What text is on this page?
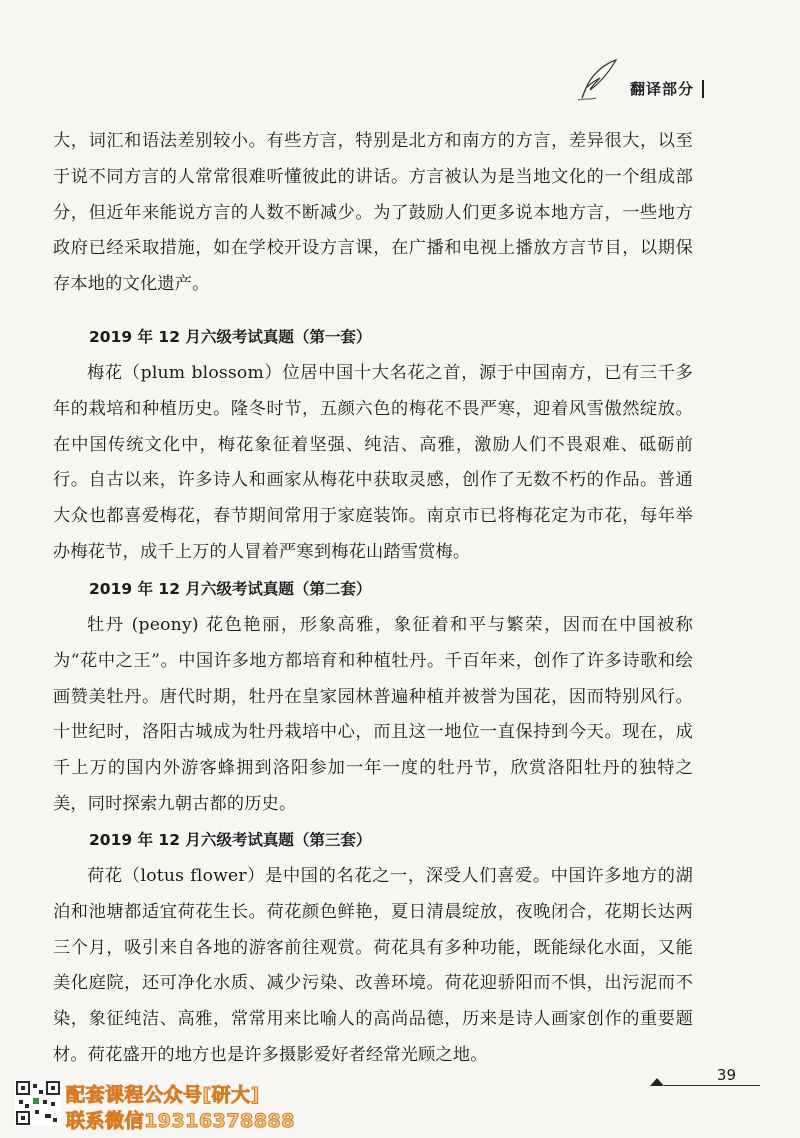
翻译部分

大，词汇和语法差别较小。有些方言，特别是北方和南方的方言，差异很大，以至于说不同方言的人常常很难听懂彼此的讲话。方言被认为是当地文化的一个组成部分，但近年来能说方言的人数不断减少。为了鼓励人们更多说本地方言，一些地方政府已经采取措施，如在学校开设方言课，在广播和电视上播放方言节目，以期保存本地的文化遗产。

2019 年 12 月六级考试真题（第一套）

梅花（plum blossom）位居中国十大名花之首，源于中国南方，已有三千多年的栽培和种植历史。隆冬时节，五颜六色的梅花不畏严寒，迎着风雪傲然绽放。在中国传统文化中，梅花象征着坚强、纯洁、高雅，激励人们不畏艰难、砥砺前行。自古以来，许多诗人和画家从梅花中获取灵感，创作了无数不朽的作品。普通大众也都喜爱梅花，春节期间常用于家庭装饰。南京市已将梅花定为市花，每年举办梅花节，成千上万的人冒着严寒到梅花山踏雪赏梅。

2019 年 12 月六级考试真题（第二套）

牡丹 (peony) 花色艳丽，形象高雅，象征着和平与繁荣，因而在中国被称为“花中之王”。中国许多地方都培育和种植牡丹。千百年来，创作了许多诗歌和绘画赞美牡丹。唐代时期，牡丹在皇家园林普遍种植并被誉为国花，因而特别风行。十世纪时，洛阳古城成为牡丹栽培中心，而且这一地位一直保持到今天。现在，成千上万的国内外游客蜂拥到洛阳参加一年一度的牡丹节，欣赏洛阳牡丹的独特之美，同时探索九朝古都的历史。

2019 年 12 月六级考试真题（第三套）

荷花（lotus flower）是中国的名花之一，深受人们喜爱。中国许多地方的湖泊和池塘都适宜荷花生长。荷花颜色鲜艳，夏日清晨绽放，夜晚闭合，花期长达两三个月，吸引来自各地的游客前往观赏。荷花具有多种功能，既能绿化水面，又能美化庭院，还可净化水质、减少污染、改善环境。荷花迎骄阳而不惧，出污泥而不染，象征纯洁、高雅，常常用来比喻人的高尚品德，历来是诗人画家创作的重要题材。荷花盛开的地方也是许多摄影爱好者经常光顾之地。

39
配套课程公众号[研大]
联系微信19316378888
